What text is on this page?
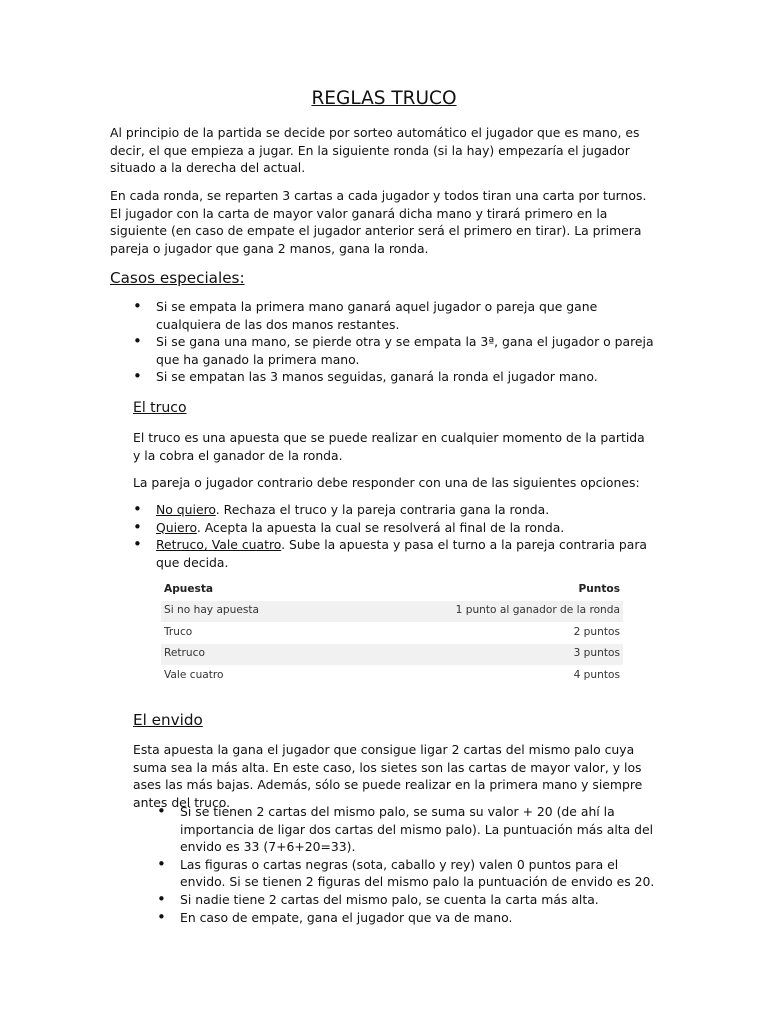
REGLAS TRUCO

Al principio de la partida se decide por sorteo automático el jugador que es mano, es decir, el que empieza a jugar. En la siguiente ronda (si la hay) empezaría el jugador situado a la derecha del actual.

En cada ronda, se reparten 3 cartas a cada jugador y todos tiran una carta por turnos. El jugador con la carta de mayor valor ganará dicha mano y tirará primero en la siguiente (en caso de empate el jugador anterior será el primero en tirar). La primera pareja o jugador que gana 2 manos, gana la ronda.

Casos especiales:
• Si se empata la primera mano ganará aquel jugador o pareja que gane cualquiera de las dos manos restantes.
• Si se gana una mano, se pierde otra y se empata la 3ª, gana el jugador o pareja que ha ganado la primera mano.
• Si se empatan las 3 manos seguidas, ganará la ronda el jugador mano.
El truco

El truco es una apuesta que se puede realizar en cualquier momento de la partida y la cobra el ganador de la ronda.

La pareja o jugador contrario debe responder con una de las siguientes opciones:

• No quiero. Rechaza el truco y la pareja contraria gana la ronda.
• Quiero. Acepta la apuesta la cual se resolverá al final de la ronda.
• Retruco, Vale cuatro. Sube la apuesta y pasa el turno a la pareja contraria para que decida.
Apuesta	Puntos
Si no hay apuesta	1 punto al ganador de la ronda
Truco	2 puntos
Retruco	3 puntos
Vale cuatro	4 puntos
El envido

Esta apuesta la gana el jugador que consigue ligar 2 cartas del mismo palo cuya suma sea la más alta. En este caso, los sietes son las cartas de mayor valor, y los ases las más bajas. Además, sólo se puede realizar en la primera mano y siempre antes del truco.

• Si se tienen 2 cartas del mismo palo, se suma su valor + 20 (de ahí la importancia de ligar dos cartas del mismo palo). La puntuación más alta del envido es 33 (7+6+20=33).
• Las figuras o cartas negras (sota, caballo y rey) valen 0 puntos para el envido. Si se tienen 2 figuras del mismo palo la puntuación de envido es 20.
• Si nadie tiene 2 cartas del mismo palo, se cuenta la carta más alta.
• En caso de empate, gana el jugador que va de mano.
